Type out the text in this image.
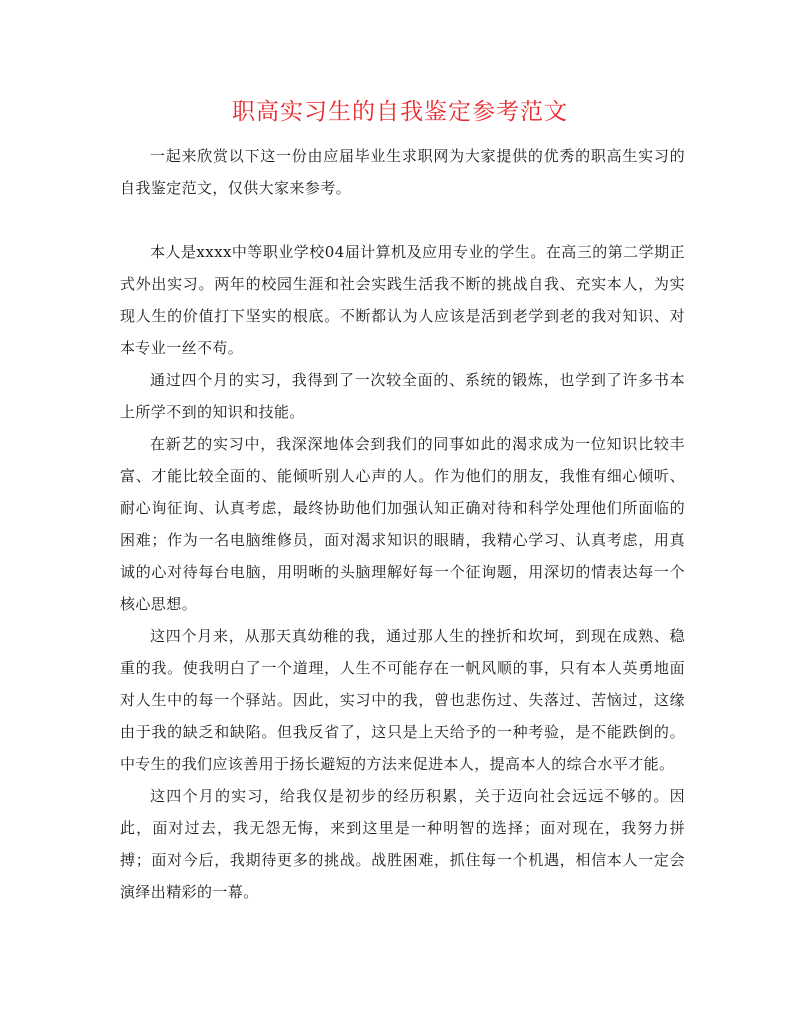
职高实习生的自我鉴定参考范文

一起来欣赏以下这一份由应届毕业生求职网为大家提供的优秀的职高生实习的自我鉴定范文，仅供大家来参考。

本人是xxxx中等职业学校04届计算机及应用专业的学生。在高三的第二学期正式外出实习。两年的校园生涯和社会实践生活我不断的挑战自我、充实本人，为实现人生的价值打下坚实的根底。不断都认为人应该是活到老学到老的我对知识、对本专业一丝不苟。

通过四个月的实习，我得到了一次较全面的、系统的锻炼，也学到了许多书本上所学不到的知识和技能。

在新艺的实习中，我深深地体会到我们的同事如此的渴求成为一位知识比较丰富、才能比较全面的、能倾听别人心声的人。作为他们的朋友，我惟有细心倾听、耐心询征询、认真考虑，最终协助他们加强认知正确对待和科学处理他们所面临的困难；作为一名电脑维修员，面对渴求知识的眼睛，我精心学习、认真考虑，用真诚的心对待每台电脑，用明晰的头脑理解好每一个征询题，用深切的情表达每一个核心思想。

这四个月来，从那天真幼稚的我，通过那人生的挫折和坎坷，到现在成熟、稳重的我。使我明白了一个道理，人生不可能存在一帆风顺的事，只有本人英勇地面对人生中的每一个驿站。因此，实习中的我，曾也悲伤过、失落过、苦恼过，这缘由于我的缺乏和缺陷。但我反省了，这只是上天给予的一种考验，是不能跌倒的。中专生的我们应该善用于扬长避短的方法来促进本人，提高本人的综合水平才能。

这四个月的实习，给我仅是初步的经历积累，关于迈向社会远远不够的。因此，面对过去，我无怨无悔，来到这里是一种明智的选择；面对现在，我努力拼搏；面对今后，我期待更多的挑战。战胜困难，抓住每一个机遇，相信本人一定会演绎出精彩的一幕。
